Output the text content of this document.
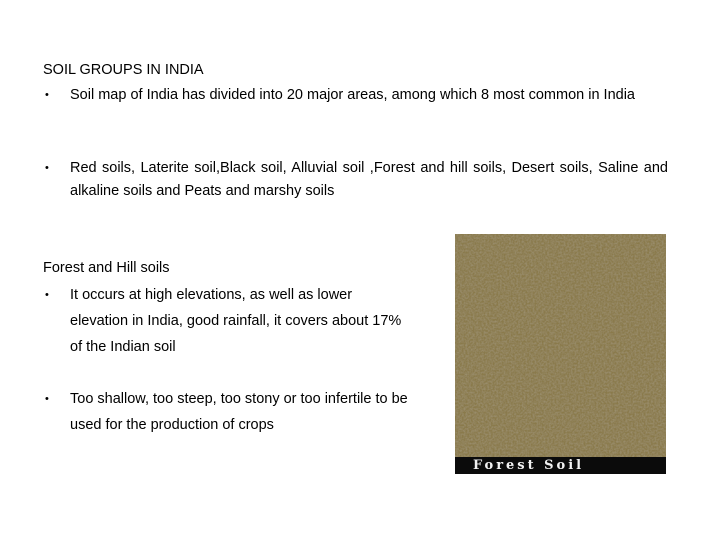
SOIL GROUPS IN INDIA
•	Soil map of India has divided into 20 major areas, among which 8 most common in India
•	Red soils, Laterite soil,Black soil, Alluvial soil ,Forest and hill soils, Desert soils, Saline and alkaline soils and Peats and marshy soils
Forest and Hill soils
•	It occurs at high elevations, as well as lower elevation in India, good rainfall, it covers about 17% of the Indian soil
•	Too shallow, too steep, too stony or too infertile to be used for the production of crops
Forest Soil
